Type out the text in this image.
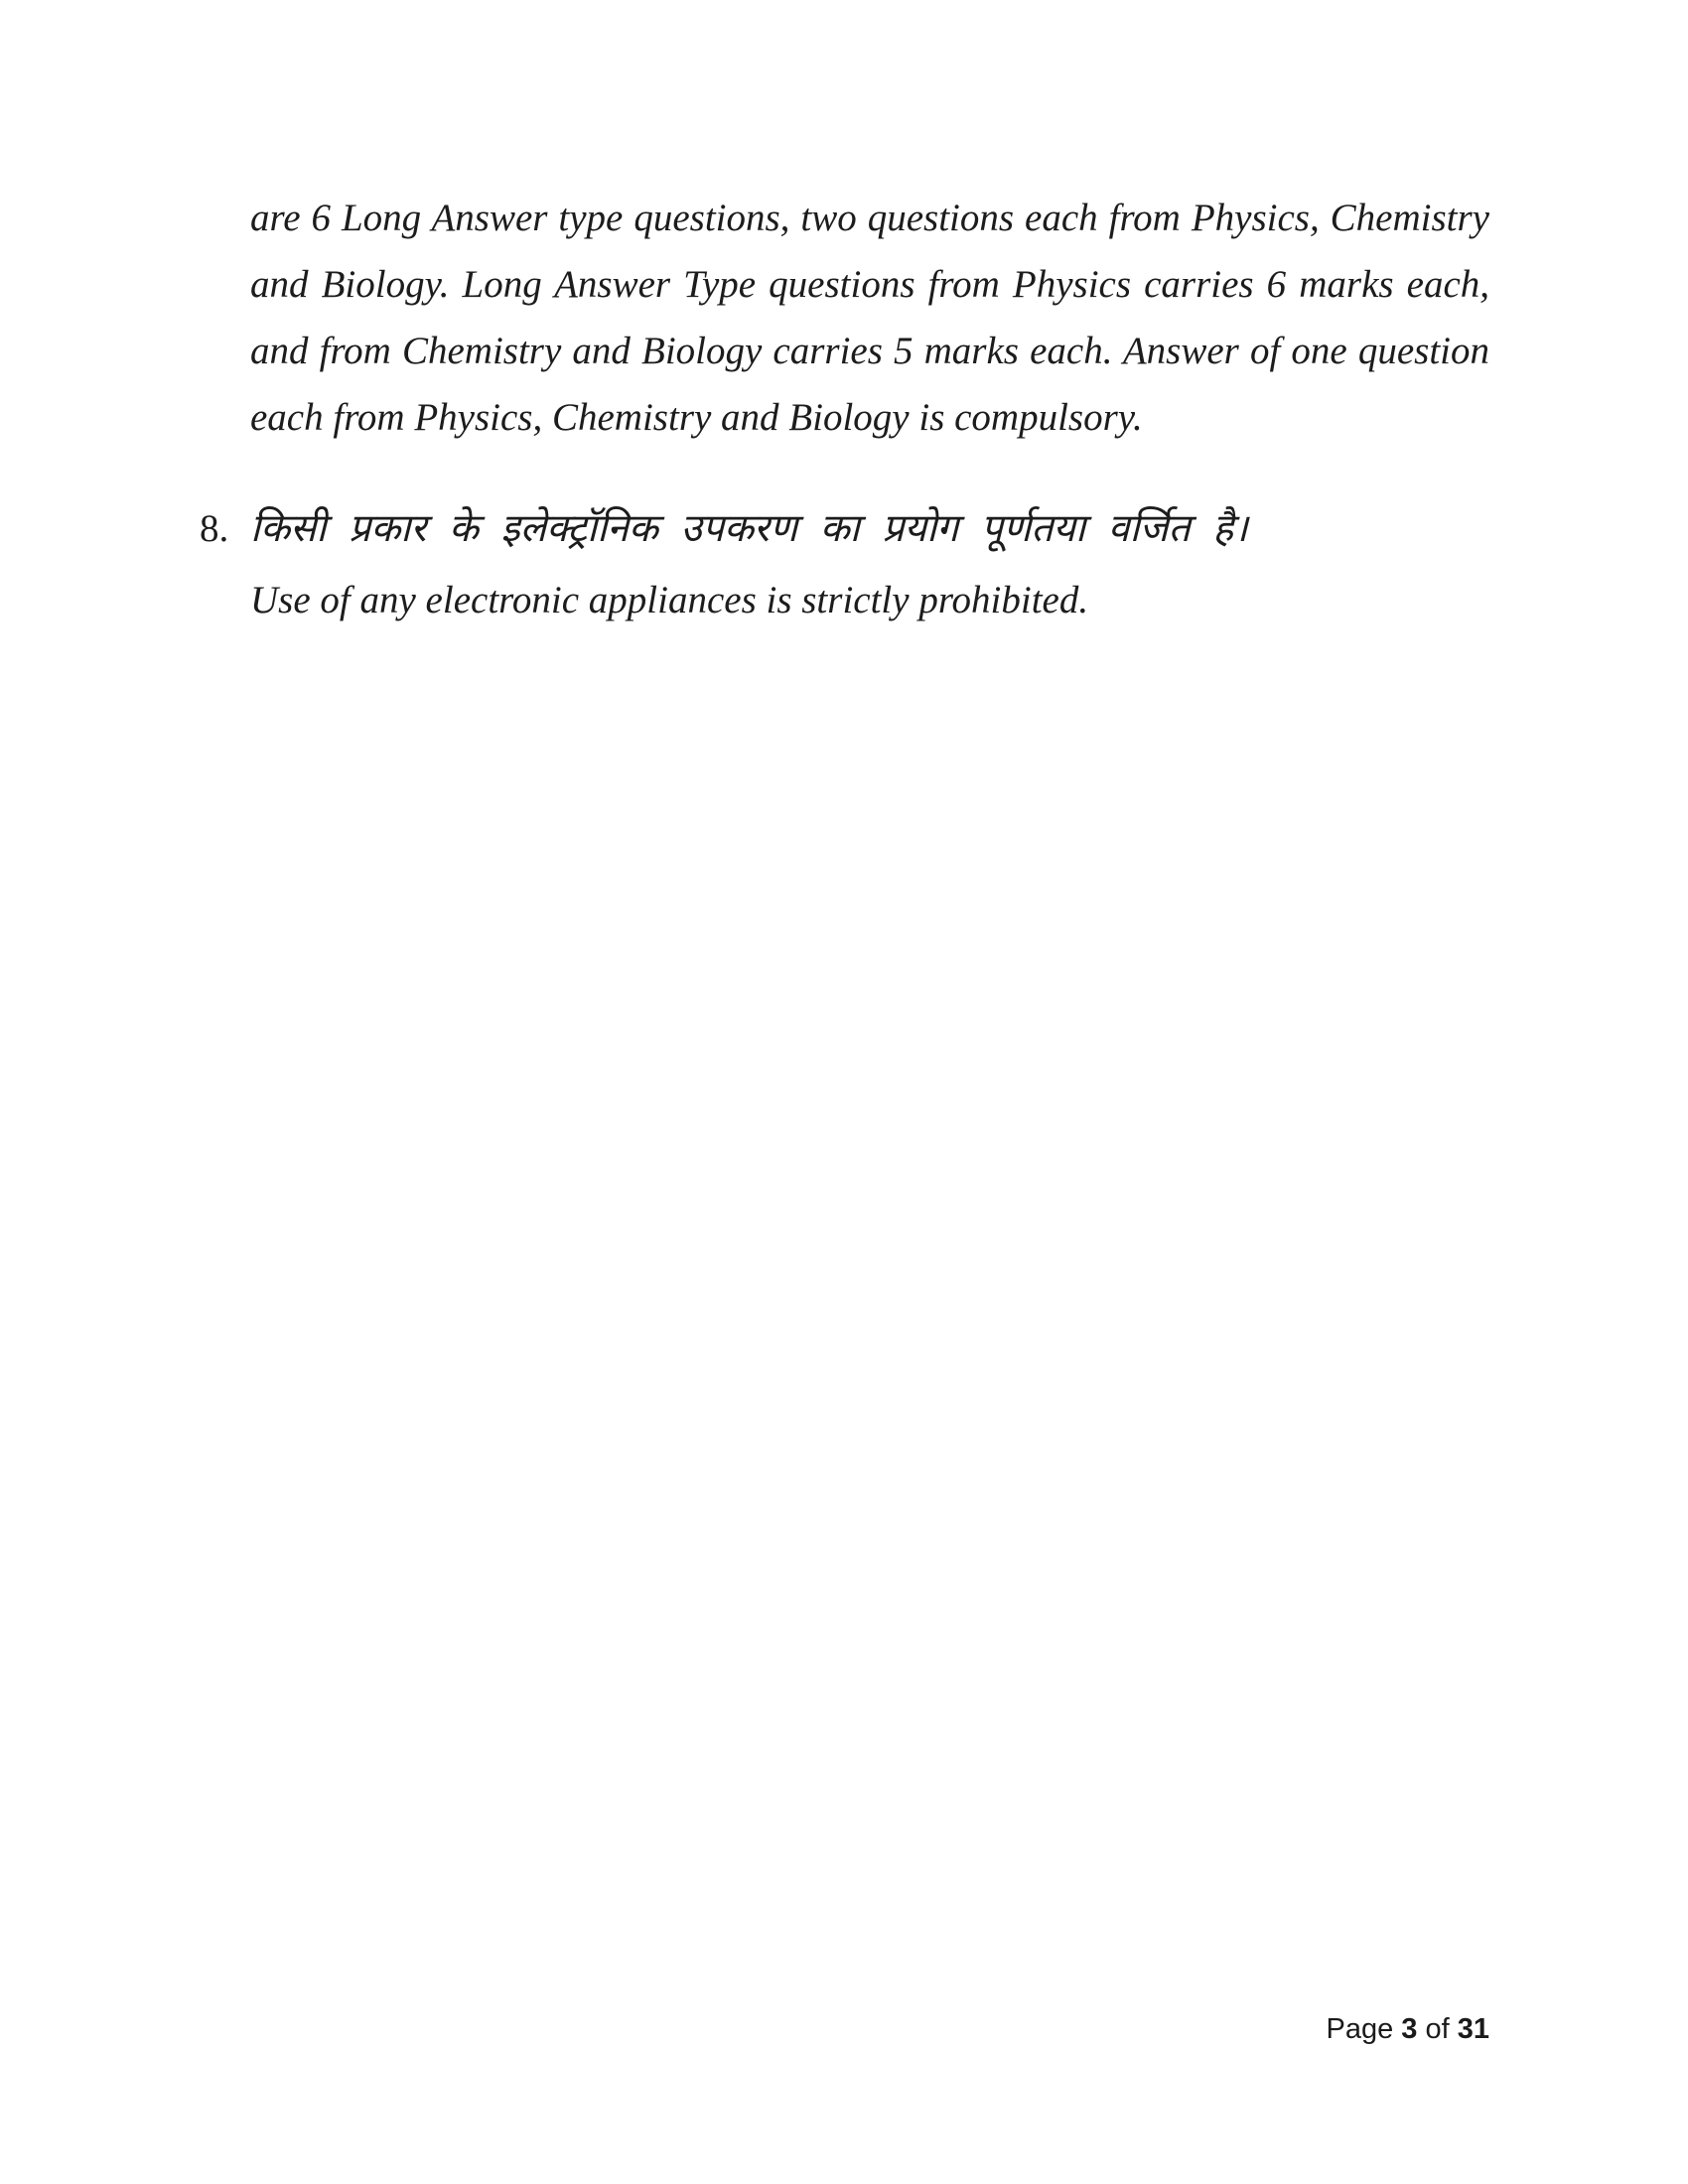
are 6 Long Answer type questions, two questions each from Physics, Chemistry
and Biology. Long Answer Type questions from Physics carries 6 marks each,
and from Chemistry and Biology carries 5 marks each. Answer of one question
each from Physics, Chemistry and Biology is compulsory.
8. किसी प्रकार के इलेक्ट्रॉनिक उपकरण का प्रयोग पूर्णतया वर्जित है।
Use of any electronic appliances is strictly prohibited.
Page 3 of 31
